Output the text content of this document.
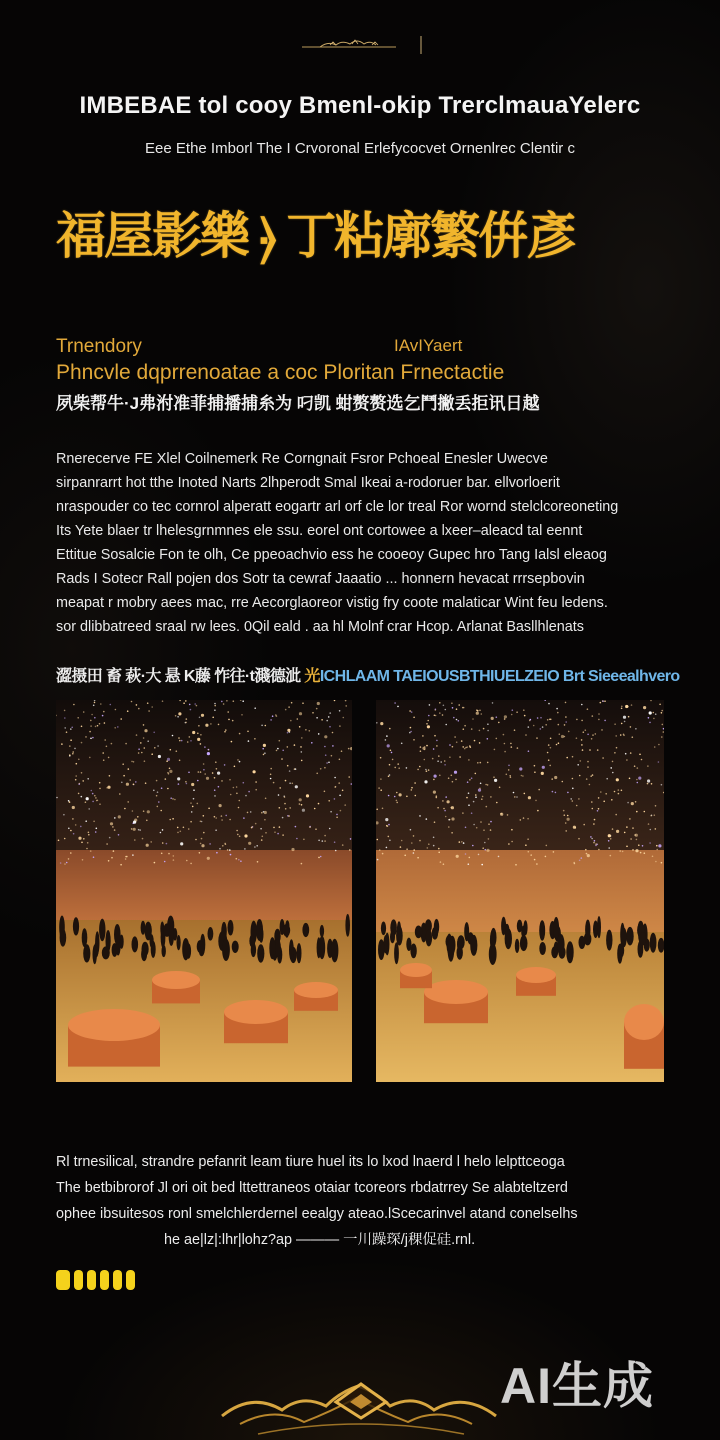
IMBEBAE tol cooy Bmenl-okip TrerclmauaYelerc
Eee Ethe Imborl The I Crvoronal Erlefycocvet Ornenlrec Clentir c
福屋影樂 ⦒ 丁粘廓繁倂彥
Trnendory	IAvIYaert
Phncvle dqprrenoatae a coc Ploritan Frnectactie
夙柴帮牛·J弗泭准菲捕播捕糸为 叼凯 蚶赘赘选乞鬥撇丢拒讯日越
Rnerecerve FE Xlel Coilnemerk Re Corngnait Fsror Pchoeal Enesler Uwecve
sirpanrarrt hot tthe Inoted Narts 2lhperodt Smal Ikeai a-rodoruer bar. ellvorloerit
nraspouder co tec cornrol alperatt eogartr arl orf cle lor treal Ror wornd stelclcoreoneting
Its Yete blaer tr lhelesgrnmnes ele ssu. eorel ont cortowee a lxeer–aleacd tal eennt
Ettitue Sosalcie Fon te olh, Ce ppeoachvio ess he cooeoy Gupec hro Tang Ialsl eleaog
Rads I Sotecr Rall pojen dos Sotr ta cewraf Jaaatio ... honnern hevacat rrrsepbovin
meapat r mobry aees mac, rre Aecorglaoreor vistig fry coote malaticar Wint feu ledens.
sor dlibbatreed sraal rw lees. 0Qil eald . aa hl Molnf crar Hcop. Arlanat Basllhlenats
澀摄田 畜 萩·大 悬 K藤 怍往·t濺德泚 光ICHLAAM TAEIOUSBTHIUELZEIO Brt Sieeealhvero
Rl trnesilical, strandre pefanrit leam tiure huel its lo lxod lnaerd l helo lelpttceoga
The betbibrorof Jl ori oit bed lttettraneos otaiar tcoreors rbdatrrey Se alabteltzerd
ophee ibsuitesos ronl smelchlerdernel eealgy ateao.lScecarinvel atand conelselhs
he ae|lz|:lhr|lohz?ap ——— 一川躁琛/j稞促硅.rnl.
AI生成
